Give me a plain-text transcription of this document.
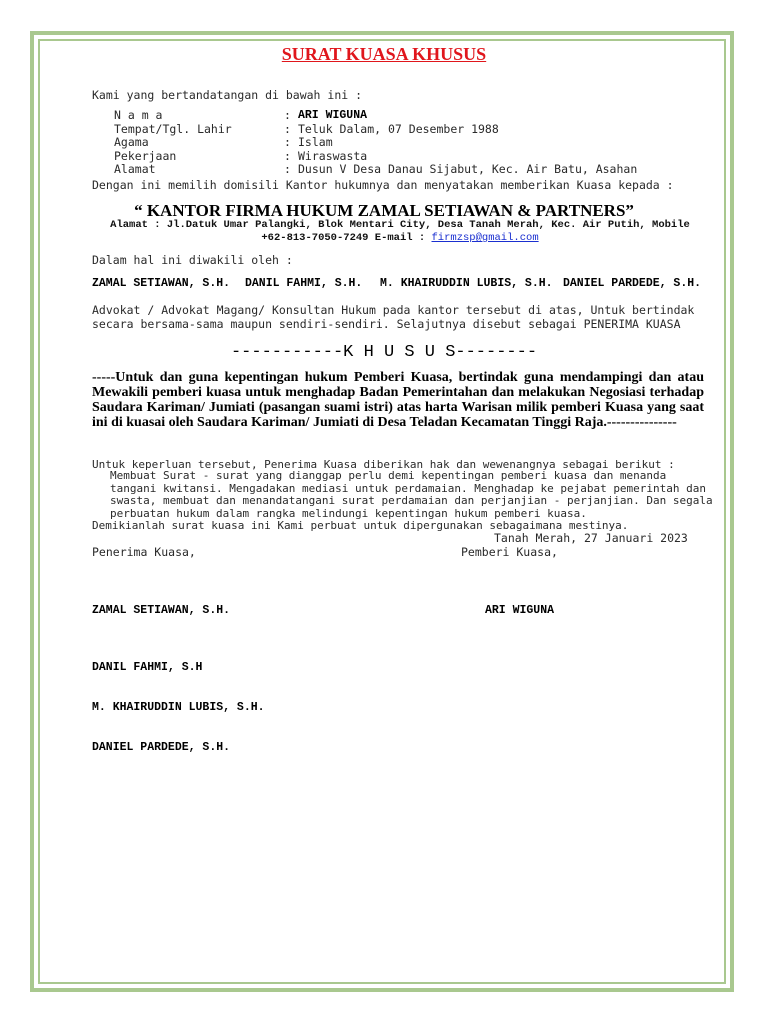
SURAT KUASA KHUSUS
Kami yang bertandatangan di bawah ini :
N a m a	: ARI WIGUNA
Tempat/Tgl. Lahir	: Teluk Dalam, 07 Desember 1988
Agama	: Islam
Pekerjaan	: Wiraswasta
Alamat	: Dusun V Desa Danau Sijabut, Kec. Air Batu, Asahan
Dengan ini memilih domisili Kantor hukumnya dan menyatakan memberikan Kuasa kepada :
“ KANTOR FIRMA HUKUM ZAMAL SETIAWAN & PARTNERS”
Alamat : Jl.Datuk Umar Palangki, Blok Mentari City, Desa Tanah Merah, Kec. Air Putih, Mobile +62-813-7050-7249 E-mail : firmzsp@gmail.com
Dalam hal ini diwakili oleh :
ZAMAL SETIAWAN, S.H. DANIL FAHMI, S.H. M. KHAIRUDDIN LUBIS, S.H. DANIEL PARDEDE, S.H.
Advokat / Advokat Magang/ Konsultan Hukum pada kantor tersebut di atas, Untuk bertindak
secara bersama-sama maupun sendiri-sendiri. Selajutnya disebut sebagai PENERIMA KUASA
-----------K H U S U S--------
-----Untuk dan guna kepentingan hukum Pemberi Kuasa, bertindak guna mendampingi dan atau Mewakili pemberi kuasa untuk menghadap Badan Pemerintahan dan melakukan Negosiasi terhadap Saudara Kariman/ Jumiati (pasangan suami istri) atas harta Warisan milik pemberi Kuasa yang saat ini di kuasai oleh Saudara Kariman/ Jumiati di Desa Teladan Kecamatan Tinggi Raja.---------------
Untuk keperluan tersebut, Penerima Kuasa diberikan hak dan wewenangnya sebagai berikut :
Membuat Surat - surat yang dianggap perlu demi kepentingan pemberi kuasa dan menanda
tangani kwitansi. Mengadakan mediasi untuk perdamaian. Menghadap ke pejabat pemerintah dan
swasta, membuat dan menandatangani surat perdamaian dan perjanjian - perjanjian. Dan segala
perbuatan hukum dalam rangka melindungi kepentingan hukum pemberi kuasa.
Demikianlah surat kuasa ini Kami perbuat untuk dipergunakan sebagaimana mestinya.
Tanah Merah, 27 Januari 2023
Penerima Kuasa,	Pemberi Kuasa,
ZAMAL SETIAWAN, S.H.	ARI WIGUNA
DANIL FAHMI, S.H
M. KHAIRUDDIN LUBIS, S.H.
DANIEL PARDEDE, S.H.
